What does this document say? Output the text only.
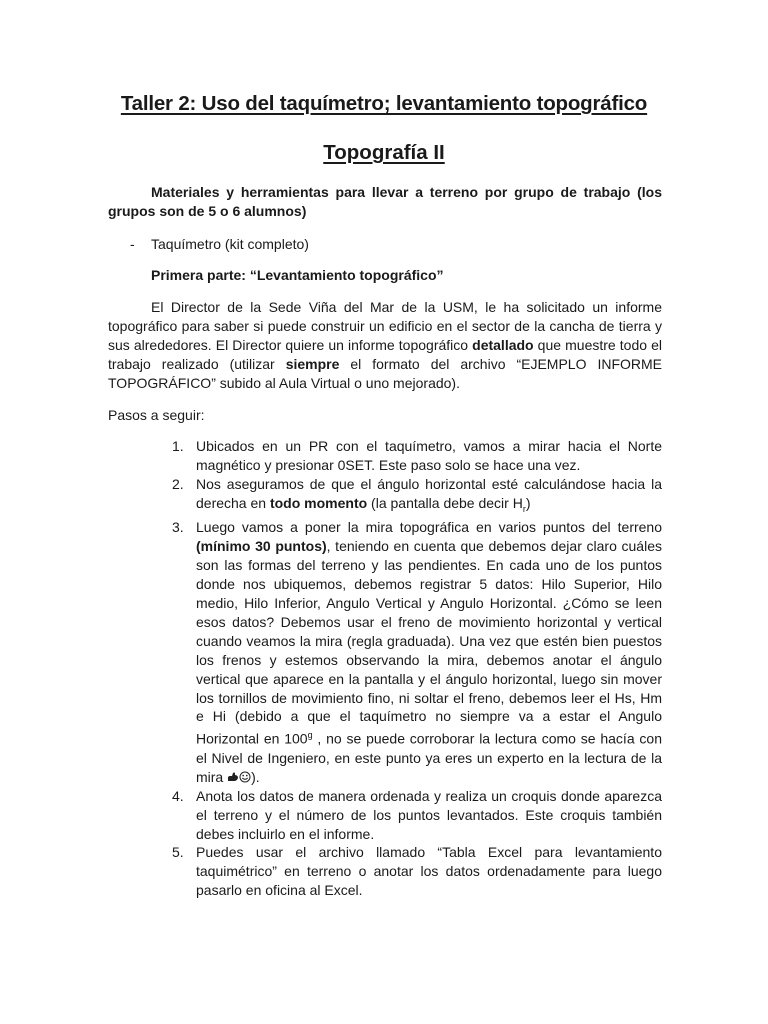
Taller 2: Uso del taquímetro; levantamiento topográfico
Topografía II
Materiales y herramientas para llevar a terreno por grupo de trabajo (los grupos son de 5 o 6 alumnos)
- Taquímetro (kit completo)
Primera parte: “Levantamiento topográfico”
El Director de la Sede Viña del Mar de la USM, le ha solicitado un informe topográfico para saber si puede construir un edificio en el sector de la cancha de tierra y sus alrededores. El Director quiere un informe topográfico detallado que muestre todo el trabajo realizado (utilizar siempre el formato del archivo “EJEMPLO INFORME TOPOGRÁFICO” subido al Aula Virtual o uno mejorado).
Pasos a seguir:
1. Ubicados en un PR con el taquímetro, vamos a mirar hacia el Norte magnético y presionar 0SET. Este paso solo se hace una vez.
2. Nos aseguramos de que el ángulo horizontal esté calculándose hacia la derecha en todo momento (la pantalla debe decir $H_r$)
3. Luego vamos a poner la mira topográfica en varios puntos del terreno (mínimo 30 puntos), teniendo en cuenta que debemos dejar claro cuáles son las formas del terreno y las pendientes. En cada uno de los puntos donde nos ubiquemos, debemos registrar 5 datos: Hilo Superior, Hilo medio, Hilo Inferior, Angulo Vertical y Angulo Horizontal. ¿Cómo se leen esos datos? Debemos usar el freno de movimiento horizontal y vertical cuando veamos la mira (regla graduada). Una vez que estén bien puestos los frenos y estemos observando la mira, debemos anotar el ángulo vertical que aparece en la pantalla y el ángulo horizontal, luego sin mover los tornillos de movimiento fino, ni soltar el freno, debemos leer el Hs, Hm e Hi (debido a que el taquímetro no siempre va a estar el Angulo Horizontal en 100$^g$ , no se puede corroborar la lectura como se hacía con el Nivel de Ingeniero, en este punto ya eres un experto en la lectura de la mira ).
4. Anota los datos de manera ordenada y realiza un croquis donde aparezca el terreno y el número de los puntos levantados. Este croquis también debes incluirlo en el informe.
5. Puedes usar el archivo llamado “Tabla Excel para levantamiento taquimétrico” en terreno o anotar los datos ordenadamente para luego pasarlo en oficina al Excel.
